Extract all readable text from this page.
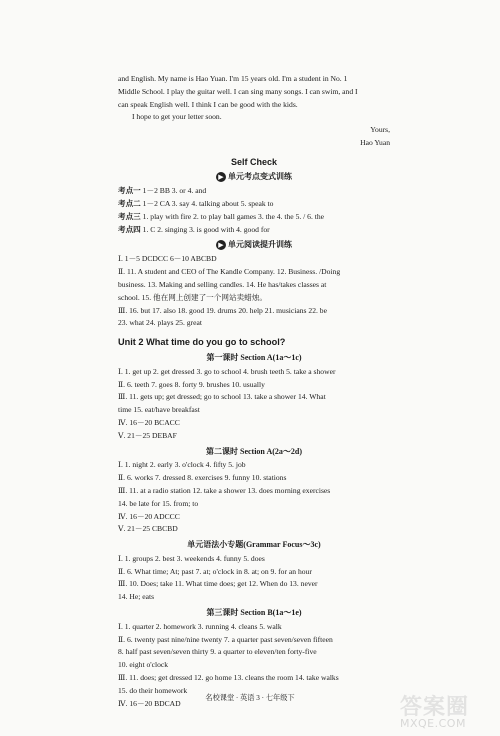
and English. My name is Hao Yuan. I'm 15 years old. I'm a student in No. 1
Middle School. I play the guitar well. I can sing many songs. I can swim, and I
can speak English well. I think I can be good with the kids.
I hope to get your letter soon.
Yours,
Hao Yuan
Self Check
▶ 单元考点变式训练
考点一 1－2 BB 3. or 4. and
考点二 1－2 CA 3. say 4. talking about 5. speak to
考点三 1. play with fire 2. to play ball games 3. the 4. the 5. / 6. the
考点四 1. C 2. singing 3. is good with 4. good for
▶ 单元阅读提升训练
Ⅰ. 1－5 DCDCC 6－10 ABCBD
Ⅱ. 11. A student and CEO of The Kandle Company. 12. Business. /Doing
business. 13. Making and selling candles. 14. He has/takes classes at
school. 15. 他在网上创建了一个网站卖蜡烛。
Ⅲ. 16. but 17. also 18. good 19. drums 20. help 21. musicians 22. be
23. what 24. plays 25. great
Unit 2 What time do you go to school?
第一课时 Section A(1a～1c)
Ⅰ. 1. get up 2. get dressed 3. go to school 4. brush teeth 5. take a shower
Ⅱ. 6. teeth 7. goes 8. forty 9. brushes 10. usually
Ⅲ. 11. gets up; get dressed; go to school 13. take a shower 14. What
time 15. eat/have breakfast
Ⅳ. 16－20 BCACC
Ⅴ. 21－25 DEBAF
第二课时 Section A(2a～2d)
Ⅰ. 1. night 2. early 3. o'clock 4. fifty 5. job
Ⅱ. 6. works 7. dressed 8. exercises 9. funny 10. stations
Ⅲ. 11. at a radio station 12. take a shower 13. does morning exercises
14. be late for 15. from; to
Ⅳ. 16－20 ADCCC
Ⅴ. 21－25 CBCBD
单元语法小专题(Grammar Focus～3c)
Ⅰ. 1. groups 2. best 3. weekends 4. funny 5. does
Ⅱ. 6. What time; At; past 7. at; o'clock in 8. at; on 9. for an hour
Ⅲ. 10. Does; take 11. What time does; get 12. When do 13. never
14. He; eats
第三课时 Section B(1a～1e)
Ⅰ. 1. quarter 2. homework 3. running 4. cleans 5. walk
Ⅱ. 6. twenty past nine/nine twenty 7. a quarter past seven/seven fifteen
8. half past seven/seven thirty 9. a quarter to eleven/ten forty-five
10. eight o'clock
Ⅲ. 11. does; get dressed 12. go home 13. cleans the room 14. take walks
15. do their homework
Ⅳ. 16－20 BDCAD
名校课堂 · 英语 3 · 七年级下	答案圈
MXQE.COM
